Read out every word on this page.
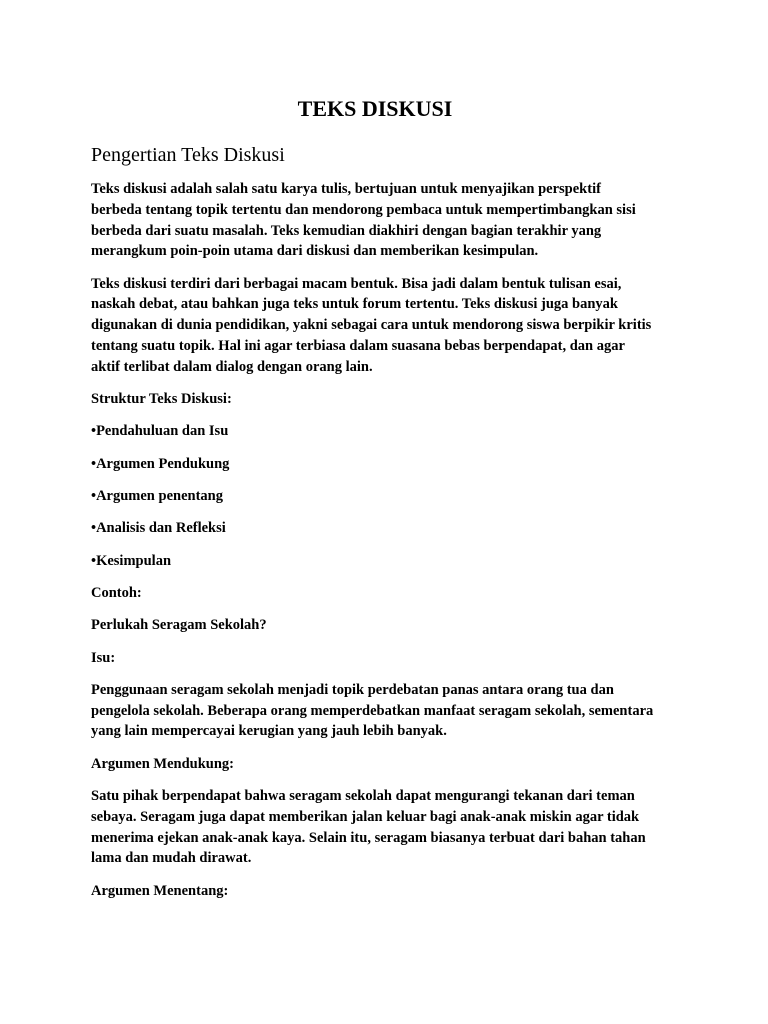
TEKS DISKUSI
Pengertian Teks Diskusi

Teks diskusi adalah salah satu karya tulis, bertujuan untuk menyajikan perspektif
berbeda tentang topik tertentu dan mendorong pembaca untuk mempertimbangkan sisi
berbeda dari suatu masalah. Teks kemudian diakhiri dengan bagian terakhir yang
merangkum poin-poin utama dari diskusi dan memberikan kesimpulan.

Teks diskusi terdiri dari berbagai macam bentuk. Bisa jadi dalam bentuk tulisan esai,
naskah debat, atau bahkan juga teks untuk forum tertentu. Teks diskusi juga banyak
digunakan di dunia pendidikan, yakni sebagai cara untuk mendorong siswa berpikir kritis
tentang suatu topik. Hal ini agar terbiasa dalam suasana bebas berpendapat, dan agar
aktif terlibat dalam dialog dengan orang lain.

Struktur Teks Diskusi:

•Pendahuluan dan Isu

•Argumen Pendukung

•Argumen penentang

•Analisis dan Refleksi

•Kesimpulan

Contoh:

Perlukah Seragam Sekolah?

Isu:

Penggunaan seragam sekolah menjadi topik perdebatan panas antara orang tua dan
pengelola sekolah. Beberapa orang memperdebatkan manfaat seragam sekolah, sementara
yang lain mempercayai kerugian yang jauh lebih banyak.

Argumen Mendukung:

Satu pihak berpendapat bahwa seragam sekolah dapat mengurangi tekanan dari teman
sebaya. Seragam juga dapat memberikan jalan keluar bagi anak-anak miskin agar tidak
menerima ejekan anak-anak kaya. Selain itu, seragam biasanya terbuat dari bahan tahan
lama dan mudah dirawat.

Argumen Menentang:
